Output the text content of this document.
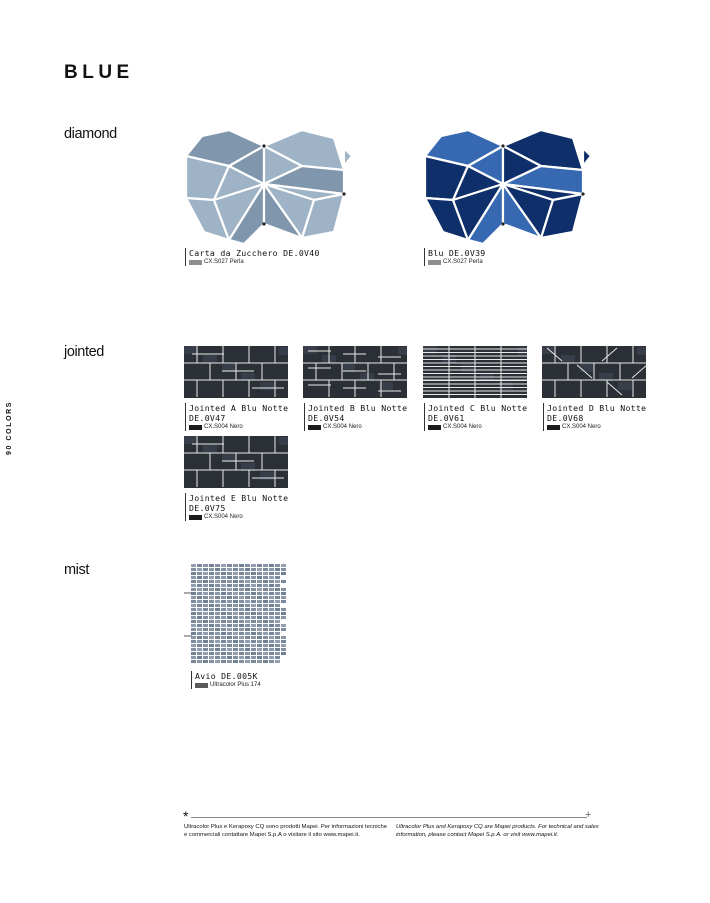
BLUE
90 COLORS
diamond
Carta da Zucchero DE.0V40
CX.S027 Perla
Blu DE.0V39
CX.S027 Perla
jointed
Jointed A Blu Notte
DE.0V47
CX.S004 Nero
Jointed B Blu Notte
DE.0V54
CX.S004 Nero
Jointed C Blu Notte
DE.0V61
CX.S004 Nero
Jointed D Blu Notte
DE.0V68
CX.S004 Nero
Jointed E Blu Notte
DE.0V75
CX.S004 Nero
mist
Avio DE.005K
Ultracolor Plus 174
*	+
Ultracolor Plus e Kerapoxy CQ sono prodotti Mapei. Per informazioni tecniche e commerciali contattare Mapei S.p.A o visitare il sito www.mapei.it.
Ultracolor Plus and Kerapoxy CQ are Mapei products. For technical and sales information, please contact Mapei S.p.A. or visit www.mapei.it.
